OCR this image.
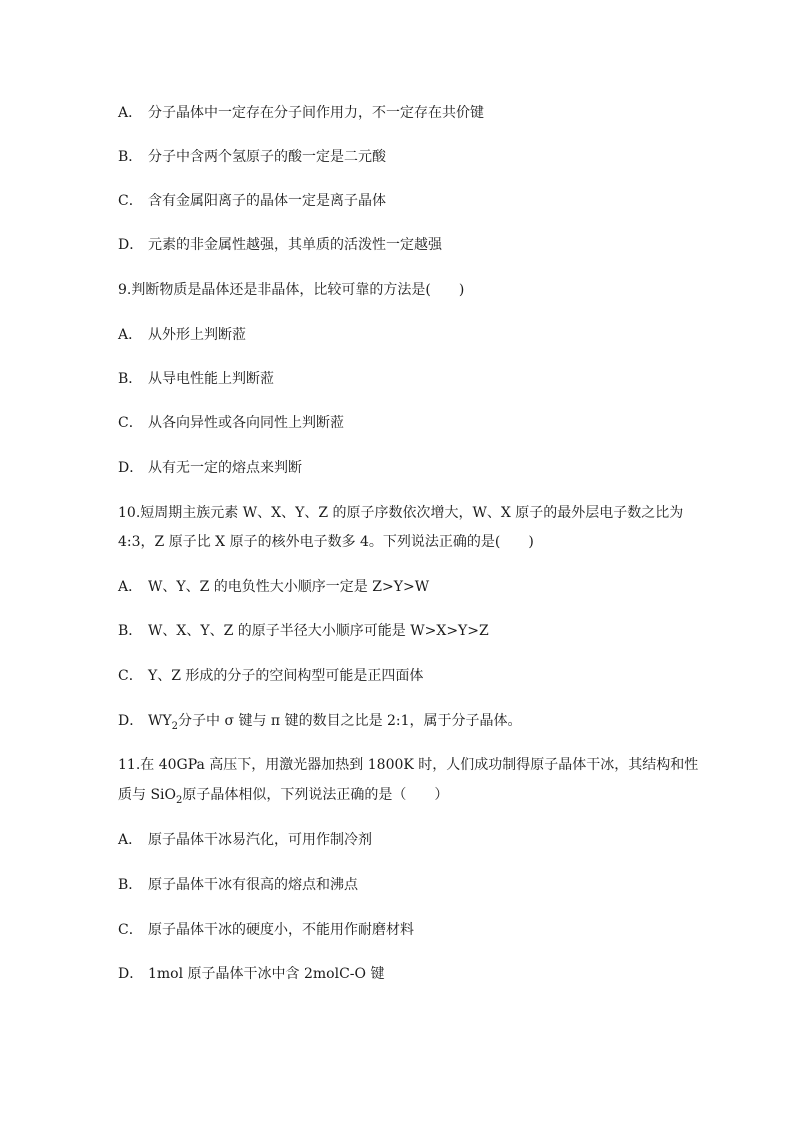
A． 分子晶体中一定存在分子间作用力，不一定存在共价键
B． 分子中含两个氢原子的酸一定是二元酸
C． 含有金属阳离子的晶体一定是离子晶体
D． 元素的非金属性越强，其单质的活泼性一定越强
9.判断物质是晶体还是非晶体，比较可靠的方法是(　　)
A． 从外形上判断蒞
B． 从导电性能上判断蒞
C． 从各向异性或各向同性上判断蒞
D． 从有无一定的熔点来判断
10.短周期主族元素 W、X、Y、Z 的原子序数依次增大，W、X 原子的最外层电子数之比为
4:3，Z 原子比 X 原子的核外电子数多 4。下列说法正确的是(　　)
A． W、Y、Z 的电负性大小顺序一定是 Z>Y>W
B． W、X、Y、Z 的原子半径大小顺序可能是 W>X>Y>Z
C． Y、Z 形成的分子的空间构型可能是正四面体
D． $WY_2$分子中 σ 键与 π 键的数目之比是 2:1，属于分子晶体。
11.在 40GPa 高压下，用激光器加热到 1800K 时，人们成功制得原子晶体干冰，其结构和性
质与 SiO$_2$原子晶体相似，下列说法正确的是（　　）
A． 原子晶体干冰易汽化，可用作制冷剂
B． 原子晶体干冰有很高的熔点和沸点
C． 原子晶体干冰的硬度小，不能用作耐磨材料
D． 1mol 原子晶体干冰中含 2molC-O 键
